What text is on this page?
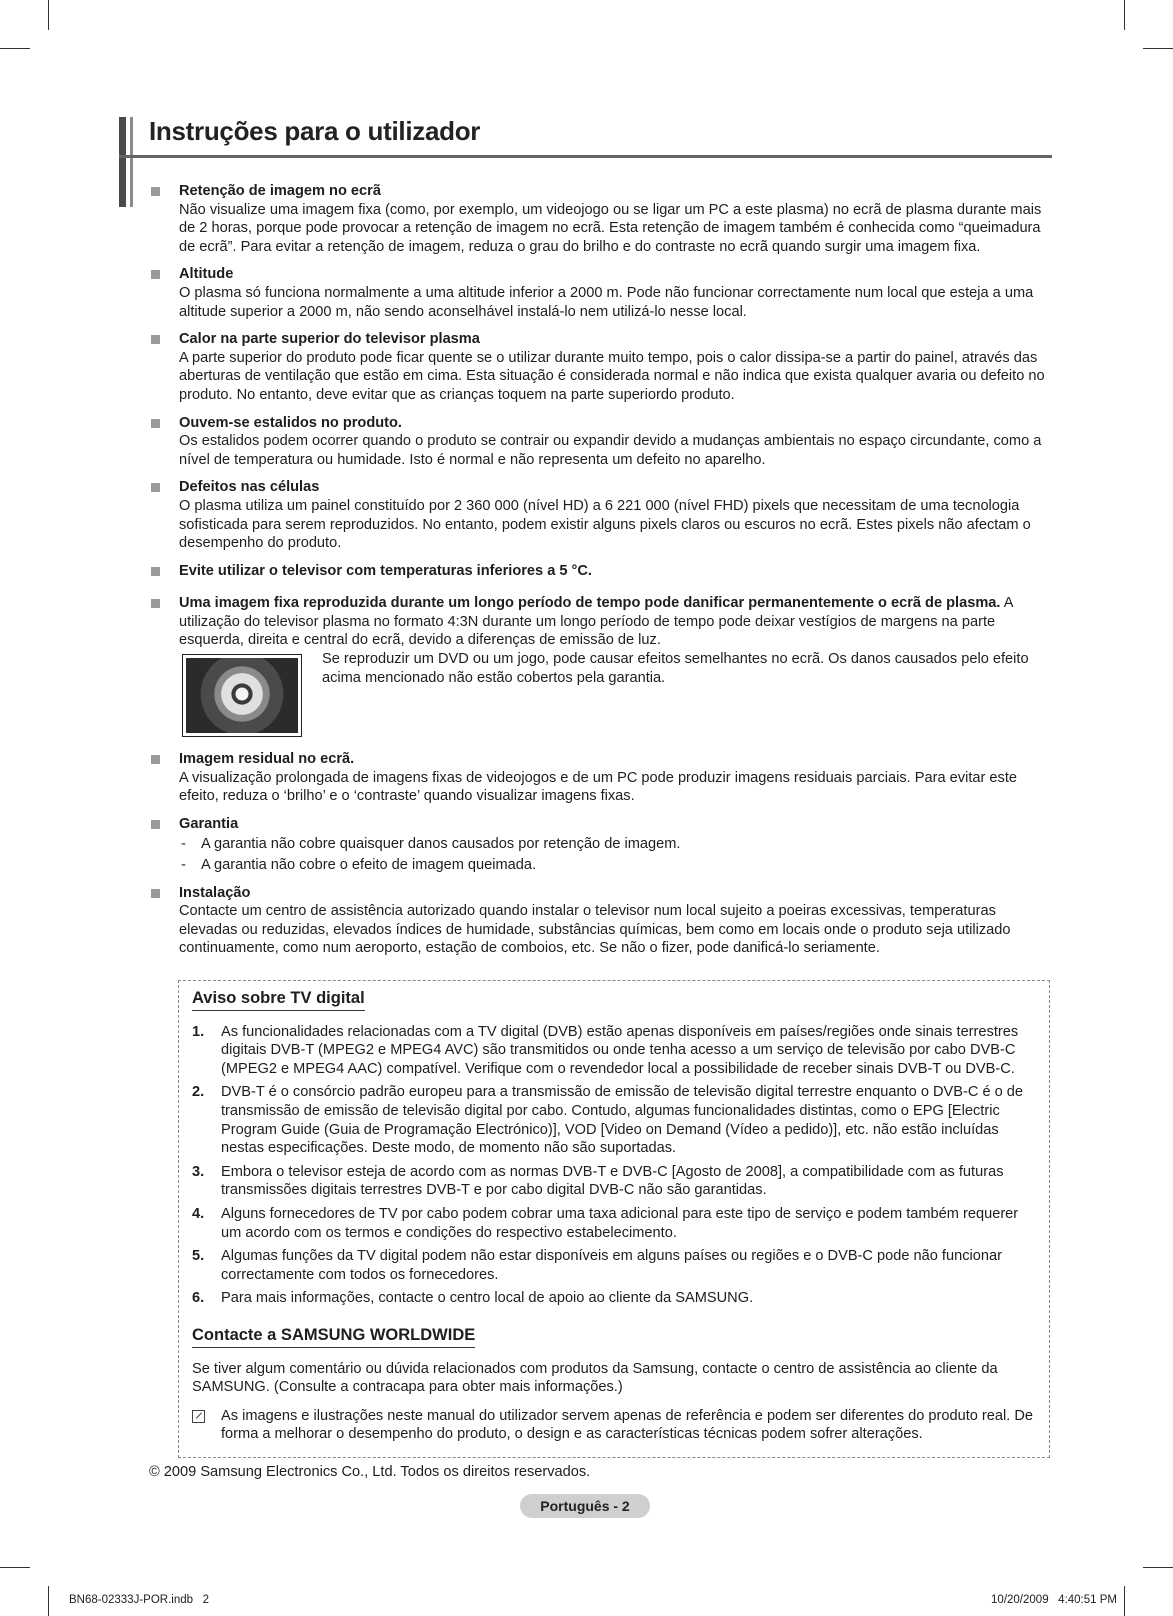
Instruções para o utilizador
Retenção de imagem no ecrã
Não visualize uma imagem fixa (como, por exemplo, um videojogo ou se ligar um PC a este plasma) no ecrã de plasma durante mais de 2 horas, porque pode provocar a retenção de imagem no ecrã. Esta retenção de imagem também é conhecida como “queimadura de ecrã”. Para evitar a retenção de imagem, reduza o grau do brilho e do contraste no ecrã quando surgir uma imagem fixa.
Altitude
O plasma só funciona normalmente a uma altitude inferior a 2000 m. Pode não funcionar correctamente num local que esteja a uma altitude superior a 2000 m, não sendo aconselhável instalá-lo nem utilizá-lo nesse local.
Calor na parte superior do televisor plasma
A parte superior do produto pode ficar quente se o utilizar durante muito tempo, pois o calor dissipa-se a partir do painel, através das aberturas de ventilação que estão em cima. Esta situação é considerada normal e não indica que exista qualquer avaria ou defeito no produto. No entanto, deve evitar que as crianças toquem na parte superiordo produto.
Ouvem-se estalidos no produto.
Os estalidos podem ocorrer quando o produto se contrair ou expandir devido a mudanças ambientais no espaço circundante, como a nível de temperatura ou humidade. Isto é normal e não representa um defeito no aparelho.
Defeitos nas células
O plasma utiliza um painel constituído por 2 360 000 (nível HD) a 6 221 000 (nível FHD) pixels que necessitam de uma tecnologia sofisticada para serem reproduzidos. No entanto, podem existir alguns pixels claros ou escuros no ecrã. Estes pixels não afectam o desempenho do produto.
Evite utilizar o televisor com temperaturas inferiores a 5 °C.
Uma imagem fixa reproduzida durante um longo período de tempo pode danificar permanentemente o ecrã de plasma. A utilização do televisor plasma no formato 4:3N durante um longo período de tempo pode deixar vestígios de margens na parte esquerda, direita e central do ecrã, devido a diferenças de emissão de luz.
Se reproduzir um DVD ou um jogo, pode causar efeitos semelhantes no ecrã. Os danos causados pelo efeito acima mencionado não estão cobertos pela garantia.
Imagem residual no ecrã.
A visualização prolongada de imagens fixas de videojogos e de um PC pode produzir imagens residuais parciais. Para evitar este efeito, reduza o ‘brilho’ e o ‘contraste’ quando visualizar imagens fixas.
Garantia
- A garantia não cobre quaisquer danos causados por retenção de imagem.
- A garantia não cobre o efeito de imagem queimada.
Instalação
Contacte um centro de assistência autorizado quando instalar o televisor num local sujeito a poeiras excessivas, temperaturas elevadas ou reduzidas, elevados índices de humidade, substâncias químicas, bem como em locais onde o produto seja utilizado continuamente, como num aeroporto, estação de comboios, etc. Se não o fizer, pode danificá-lo seriamente.
Aviso sobre TV digital
1. As funcionalidades relacionadas com a TV digital (DVB) estão apenas disponíveis em países/regiões onde sinais terrestres digitais DVB-T (MPEG2 e MPEG4 AVC) são transmitidos ou onde tenha acesso a um serviço de televisão por cabo DVB-C (MPEG2 e MPEG4 AAC) compatível. Verifique com o revendedor local a possibilidade de receber sinais DVB-T ou DVB-C.
2. DVB-T é o consórcio padrão europeu para a transmissão de emissão de televisão digital terrestre enquanto o DVB-C é o de transmissão de emissão de televisão digital por cabo. Contudo, algumas funcionalidades distintas, como o EPG [Electric Program Guide (Guia de Programação Electrónico)], VOD [Video on Demand (Vídeo a pedido)], etc. não estão incluídas nestas especificações. Deste modo, de momento não são suportadas.
3. Embora o televisor esteja de acordo com as normas DVB-T e DVB-C [Agosto de 2008], a compatibilidade com as futuras transmissões digitais terrestres DVB-T e por cabo digital DVB-C não são garantidas.
4. Alguns fornecedores de TV por cabo podem cobrar uma taxa adicional para este tipo de serviço e podem também requerer um acordo com os termos e condições do respectivo estabelecimento.
5. Algumas funções da TV digital podem não estar disponíveis em alguns países ou regiões e o DVB-C pode não funcionar correctamente com todos os fornecedores.
6. Para mais informações, contacte o centro local de apoio ao cliente da SAMSUNG.
Contacte a SAMSUNG WORLDWIDE
Se tiver algum comentário ou dúvida relacionados com produtos da Samsung, contacte o centro de assistência ao cliente da SAMSUNG. (Consulte a contracapa para obter mais informações.)
As imagens e ilustrações neste manual do utilizador servem apenas de referência e podem ser diferentes do produto real. De forma a melhorar o desempenho do produto, o design e as características técnicas podem sofrer alterações.
© 2009 Samsung Electronics Co., Ltd. Todos os direitos reservados.
Português - 2
BN68-02333J-POR.indb   2	10/20/2009   4:40:51 PM
